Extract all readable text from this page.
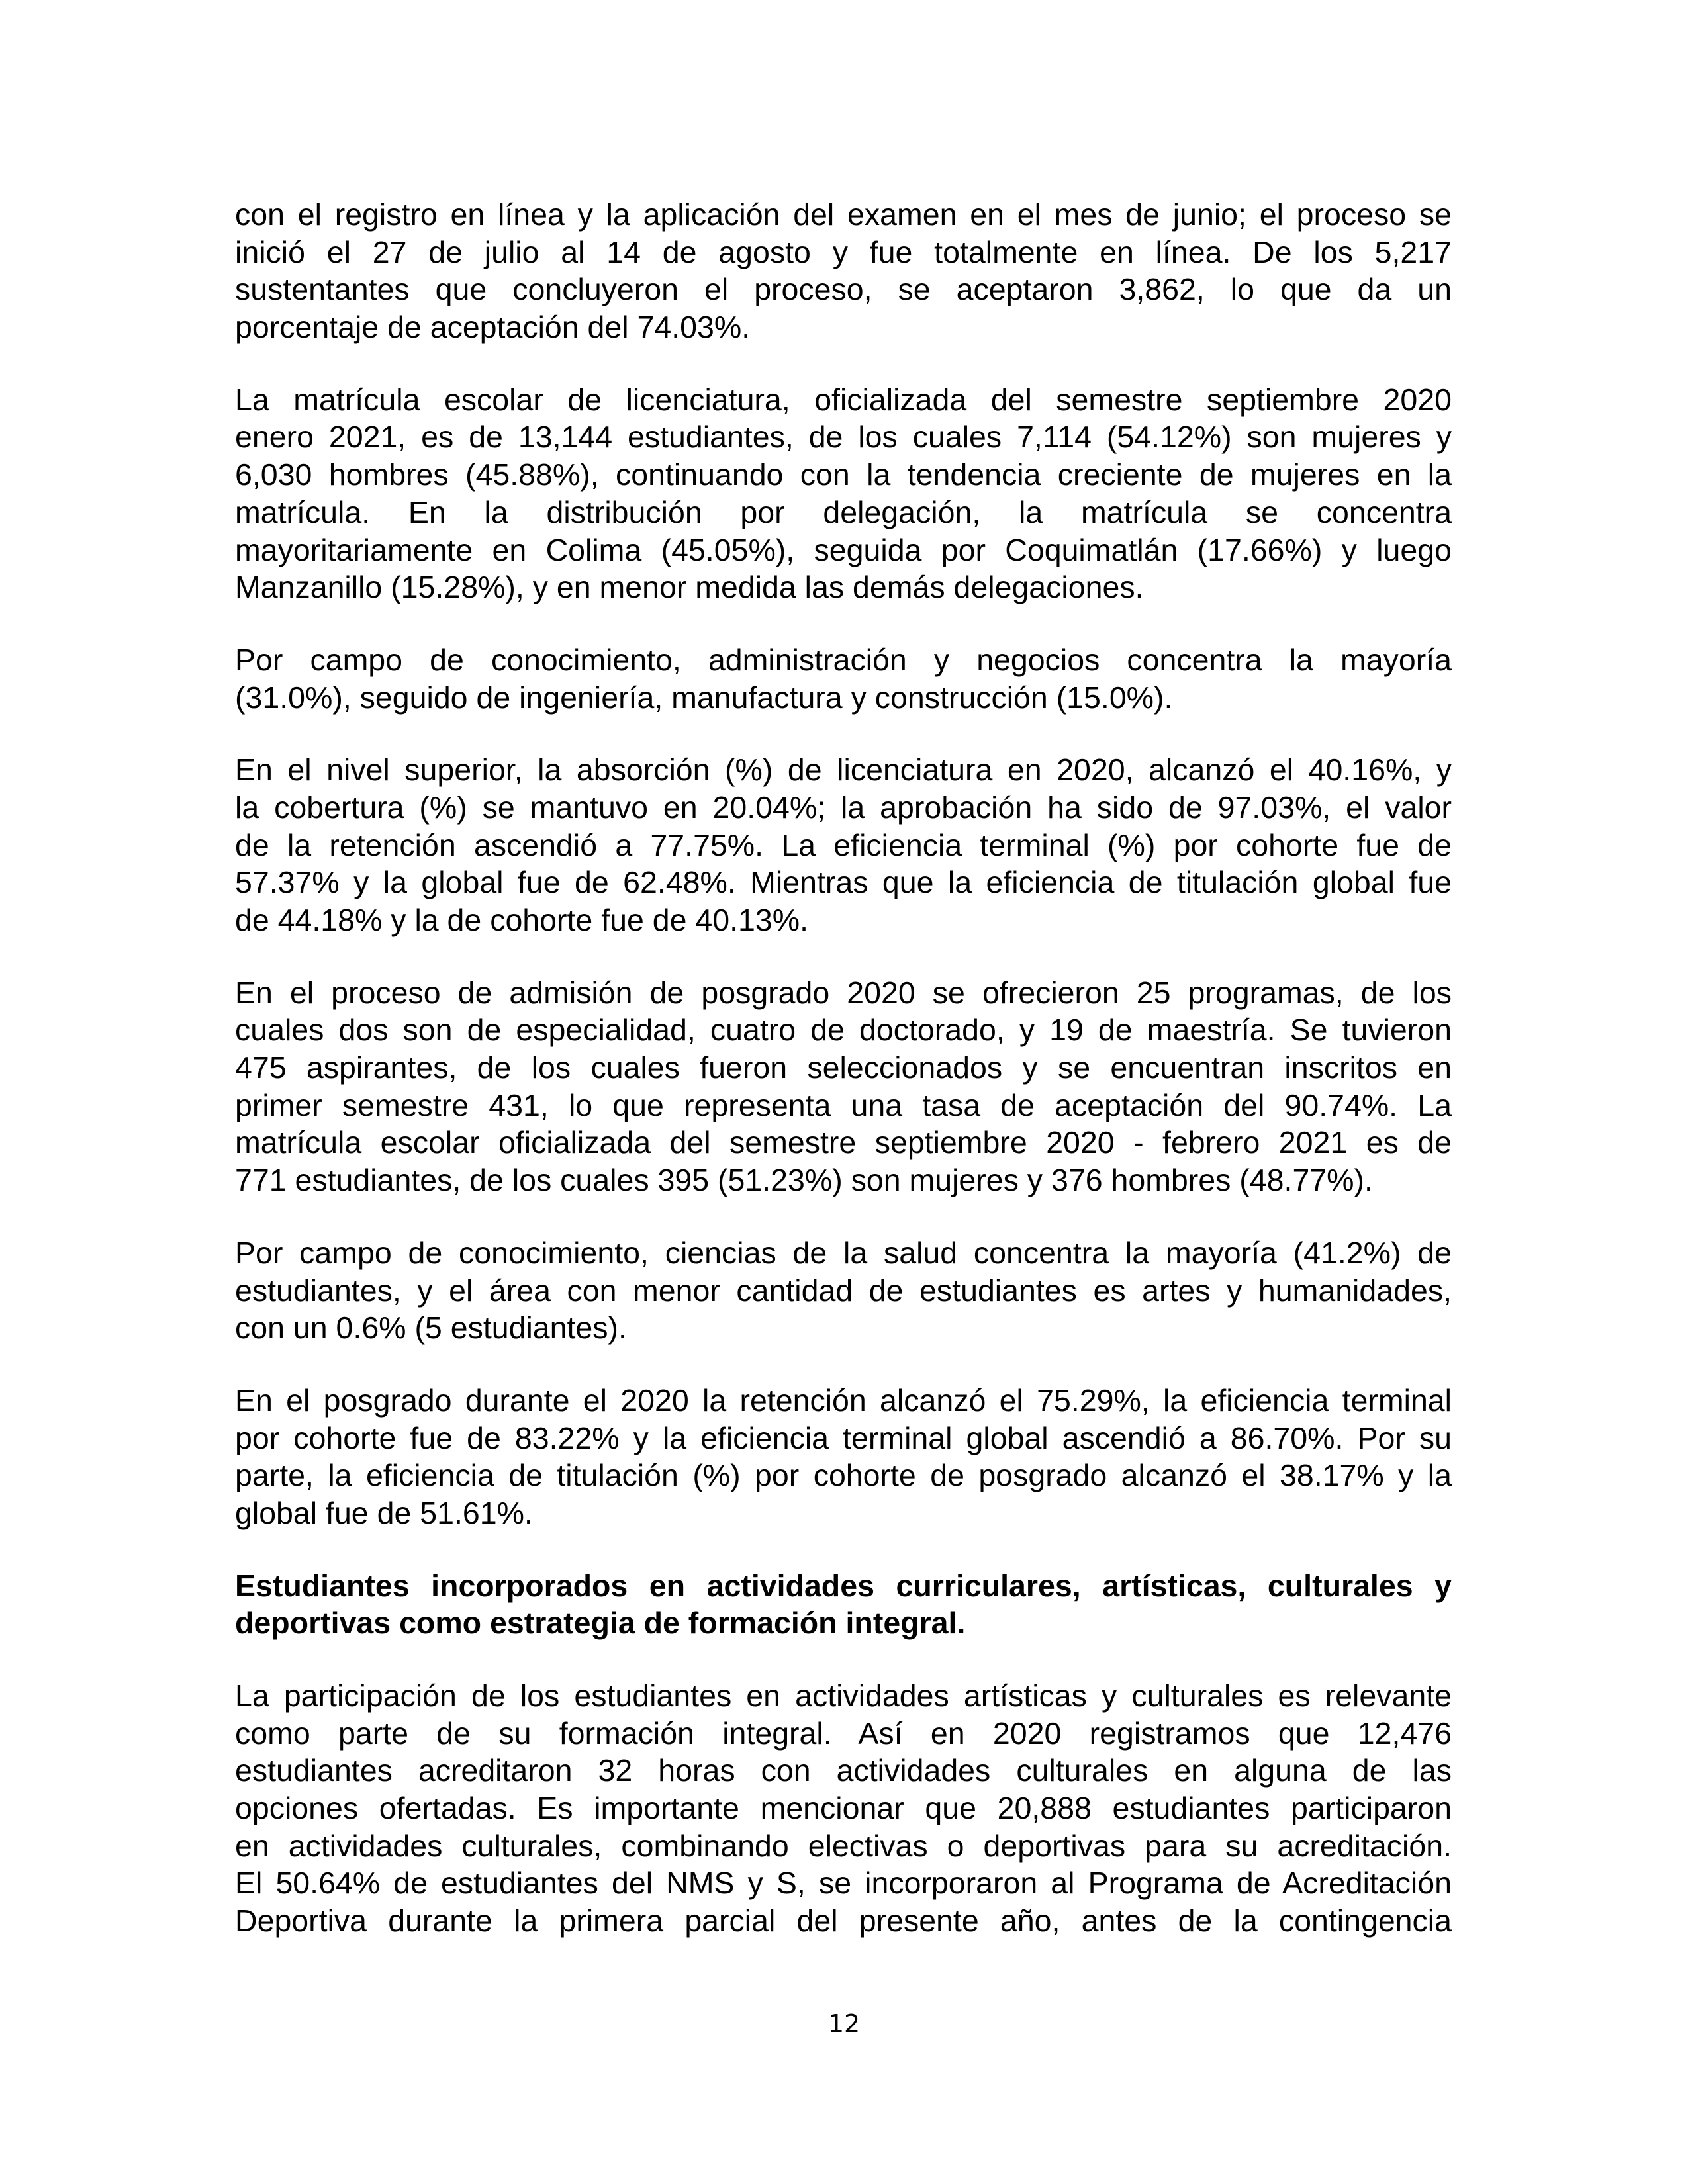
con el registro en línea y la aplicación del examen en el mes de junio; el proceso se
inició el 27 de julio al 14 de agosto y fue totalmente en línea. De los 5,217
sustentantes que concluyeron el proceso, se aceptaron 3,862, lo que da un
porcentaje de aceptación del 74.03%.

La matrícula escolar de licenciatura, oficializada del semestre septiembre 2020
enero 2021, es de 13,144 estudiantes, de los cuales 7,114 (54.12%) son mujeres y
6,030 hombres (45.88%), continuando con la tendencia creciente de mujeres en la
matrícula. En la distribución por delegación, la matrícula se concentra
mayoritariamente en Colima (45.05%), seguida por Coquimatlán (17.66%) y luego
Manzanillo (15.28%), y en menor medida las demás delegaciones.

Por campo de conocimiento, administración y negocios concentra la mayoría
(31.0%), seguido de ingeniería, manufactura y construcción (15.0%).

En el nivel superior, la absorción (%) de licenciatura en 2020, alcanzó el 40.16%, y
la cobertura (%) se mantuvo en 20.04%; la aprobación ha sido de 97.03%, el valor
de la retención ascendió a 77.75%. La eficiencia terminal (%) por cohorte fue de
57.37% y la global fue de 62.48%. Mientras que la eficiencia de titulación global fue
de 44.18% y la de cohorte fue de 40.13%.

En el proceso de admisión de posgrado 2020 se ofrecieron 25 programas, de los
cuales dos son de especialidad, cuatro de doctorado, y 19 de maestría. Se tuvieron
475 aspirantes, de los cuales fueron seleccionados y se encuentran inscritos en
primer semestre 431, lo que representa una tasa de aceptación del 90.74%. La
matrícula escolar oficializada del semestre septiembre 2020 - febrero 2021 es de
771 estudiantes, de los cuales 395 (51.23%) son mujeres y 376 hombres (48.77%).

Por campo de conocimiento, ciencias de la salud concentra la mayoría (41.2%) de
estudiantes, y el área con menor cantidad de estudiantes es artes y humanidades,
con un 0.6% (5 estudiantes).

En el posgrado durante el 2020 la retención alcanzó el 75.29%, la eficiencia terminal
por cohorte fue de 83.22% y la eficiencia terminal global ascendió a 86.70%. Por su
parte, la eficiencia de titulación (%) por cohorte de posgrado alcanzó el 38.17% y la
global fue de 51.61%.

Estudiantes incorporados en actividades curriculares, artísticas, culturales y
deportivas como estrategia de formación integral.

La participación de los estudiantes en actividades artísticas y culturales es relevante
como parte de su formación integral. Así en 2020 registramos que 12,476
estudiantes acreditaron 32 horas con actividades culturales en alguna de las
opciones ofertadas. Es importante mencionar que 20,888 estudiantes participaron
en actividades culturales, combinando electivas o deportivas para su acreditación.
El 50.64% de estudiantes del NMS y S, se incorporaron al Programa de Acreditación
Deportiva durante la primera parcial del presente año, antes de la contingencia

12
